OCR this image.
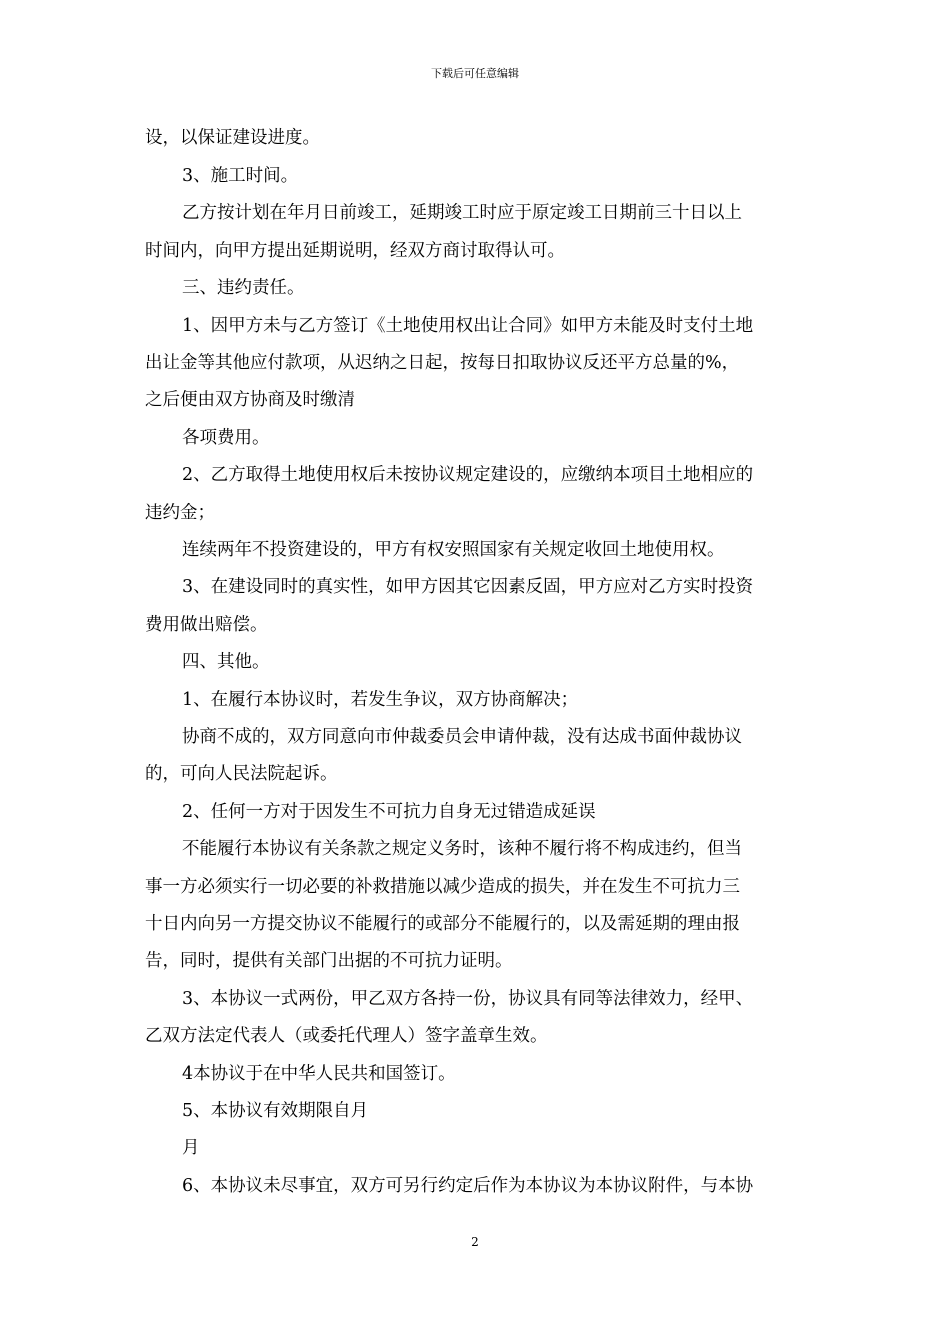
下载后可任意编辑
设，以保证建设进度。
3、施工时间。
乙方按计划在年月日前竣工，延期竣工时应于原定竣工日期前三十日以上
时间内，向甲方提出延期说明，经双方商讨取得认可。
三、违约责任。
1、因甲方未与乙方签订《土地使用权出让合同》如甲方未能及时支付土地
出让金等其他应付款项，从迟纳之日起，按每日扣取协议反还平方总量的%，
之后便由双方协商及时缴清
各项费用。
2、乙方取得土地使用权后未按协议规定建设的，应缴纳本项目土地相应的
违约金；
连续两年不投资建设的，甲方有权安照国家有关规定收回土地使用权。
3、在建设同时的真实性，如甲方因其它因素反固，甲方应对乙方实时投资
费用做出赔偿。
四、其他。
1、在履行本协议时，若发生争议，双方协商解决；
协商不成的，双方同意向市仲裁委员会申请仲裁，没有达成书面仲裁协议
的，可向人民法院起诉。
2、任何一方对于因发生不可抗力自身无过错造成延误
不能履行本协议有关条款之规定义务时，该种不履行将不构成违约，但当
事一方必须实行一切必要的补救措施以减少造成的损失，并在发生不可抗力三
十日内向另一方提交协议不能履行的或部分不能履行的，以及需延期的理由报
告，同时，提供有关部门出据的不可抗力证明。
3、本协议一式两份，甲乙双方各持一份，协议具有同等法律效力，经甲、
乙双方法定代表人（或委托代理人）签字盖章生效。
4本协议于在中华人民共和国签订。
5、本协议有效期限自月
月
6、本协议未尽事宜，双方可另行约定后作为本协议为本协议附件，与本协
2
